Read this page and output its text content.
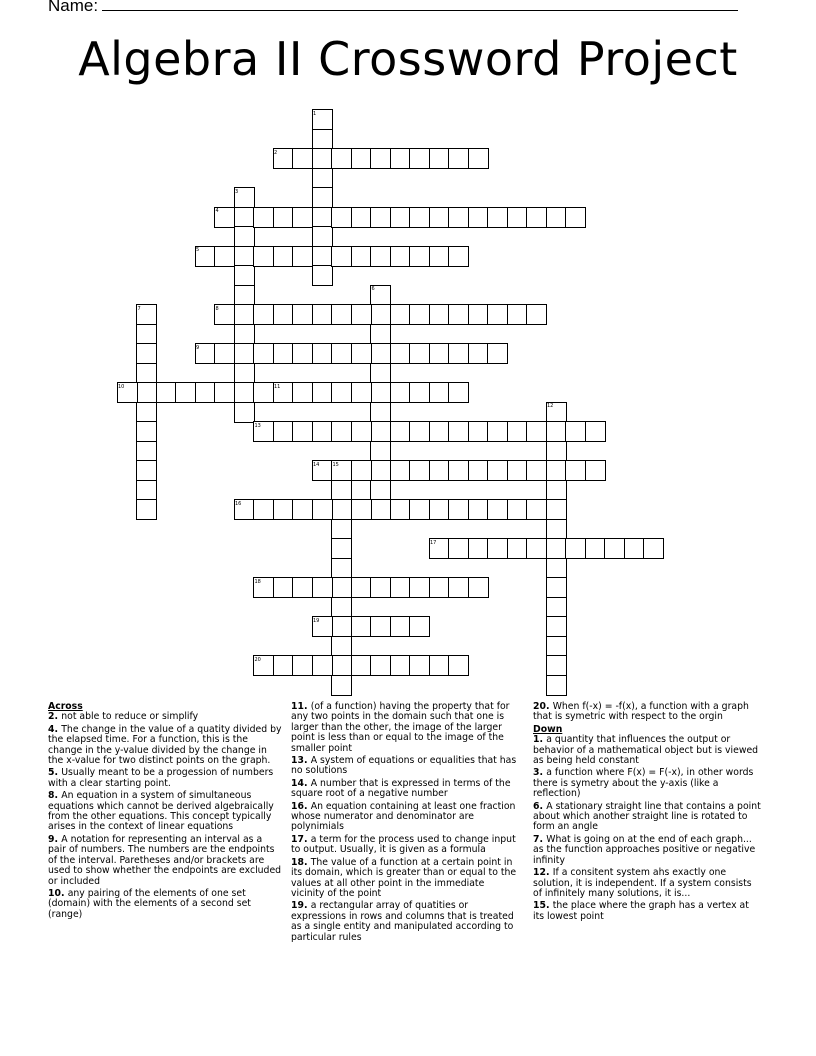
Name:
Algebra II Crossword Project
1
2
3
4
5
6
7	8
9
10	11
12
13
14	15
16
17
18
19
20

Across

2. not able to reduce or simplify

4. The change in the value of a quatity divided by the elapsed time. For a function, this is the change in the y-value divided by the change in the x-value for two distinct points on the graph.

5. Usually meant to be a progession of numbers with a clear starting point.

8. An equation in a system of simultaneous equations which cannot be derived algebraically from the other equations. This concept typically arises in the context of linear equations

9. A notation for representing an interval as a pair of numbers. The numbers are the endpoints of the interval. Paretheses and/or brackets are used to show whether the endpoints are excluded or included

10. any pairing of the elements of one set (domain) with the elements of a second set (range)

11. (of a function) having the property that for any two points in the domain such that one is larger than the other, the image of the larger point is less than or equal to the image of the smaller point

13. A system of equations or equalities that has no solutions

14. A number that is expressed in terms of the square root of a negative number

16. An equation containing at least one fraction whose numerator and denominator are polynimials

17. a term for the process used to change input to output. Usually, it is given as a formula

18. The value of a function at a certain point in its domain, which is greater than or equal to the values at all other point in the immediate vicinity of the point

19. a rectangular array of quatities or expressions in rows and columns that is treated as a single entity and manipulated according to particular rules

20. When f(-x) = -f(x), a function with a graph that is symetric with respect to the orgin

Down

1. a quantity that influences the output or behavior of a mathematical object but is viewed as being held constant

3. a function where F(x) = F(-x), in other words there is symetry about the y-axis (like a reflection)

6. A stationary straight line that contains a point about which another straight line is rotated to form an angle

7. What is going on at the end of each graph... as the function approaches positive or negative infinity

12. If a consitent system ahs exactly one solution, it is independent. If a system consists of infinitely many solutions, it is...

15. the place where the graph has a vertex at its lowest point
